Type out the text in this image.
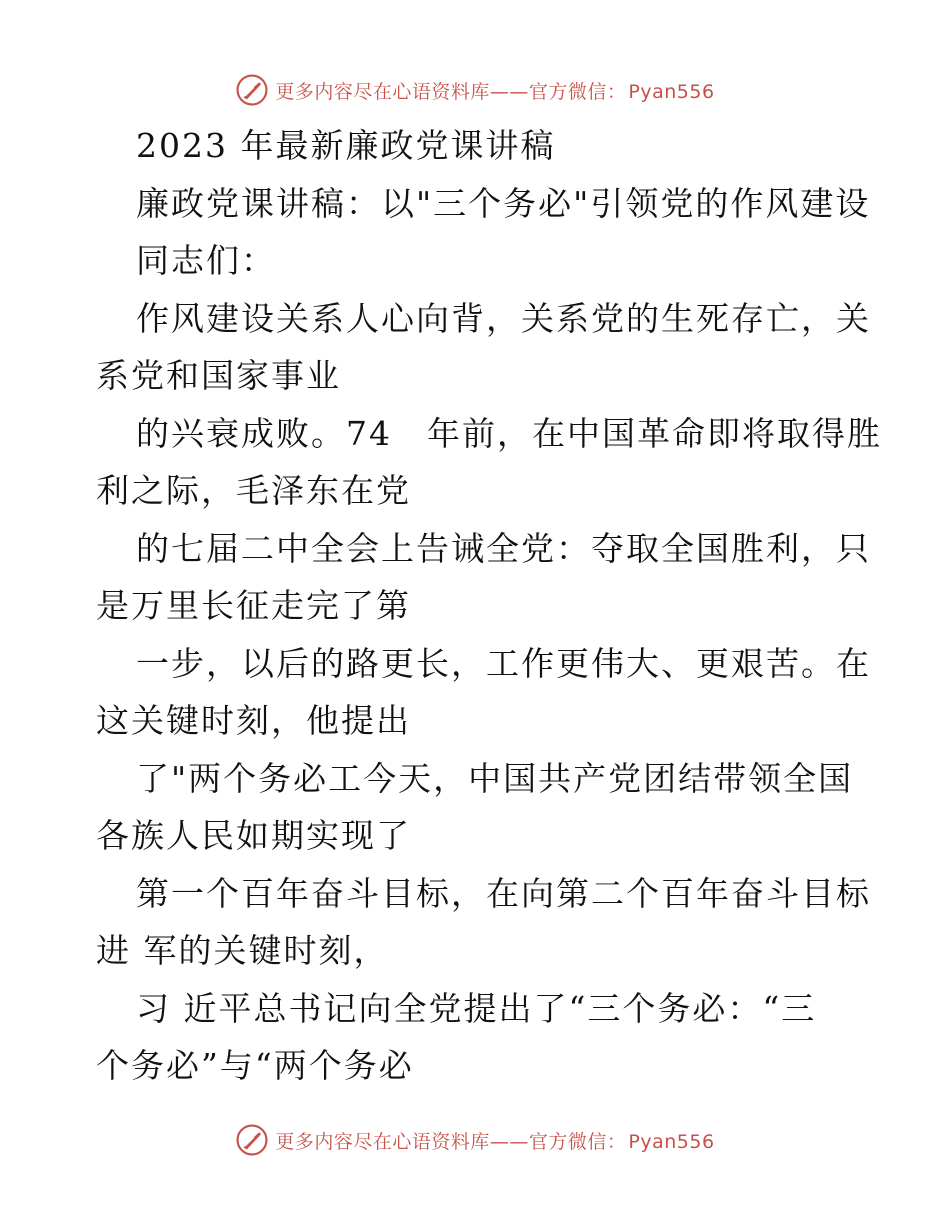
更多内容尽在心语资料库——官方微信： Pyan556
2023 年最新廉政党课讲稿
廉政党课讲稿：以"三个务必"引领党的作风建设
同志们：
作风建设关系人心向背，关系党的生死存亡，关
系党和国家事业
的兴衰成败。74　年前，在中国革命即将取得胜
利之际，毛泽东在党
的七届二中全会上告诫全党：夺取全国胜利，只
是万里长征走完了第
一步，以后的路更长，工作更伟大、更艰苦。在
这关键时刻，他提出
了"两个务必工今天，中国共产党团结带领全国
各族人民如期实现了
第一个百年奋斗目标，在向第二个百年奋斗目标
进 军的关键时刻，
习 近平总书记向全党提出了“三个务必：“三
个务必”与“两个务必
更多内容尽在心语资料库——官方微信： Pyan556
